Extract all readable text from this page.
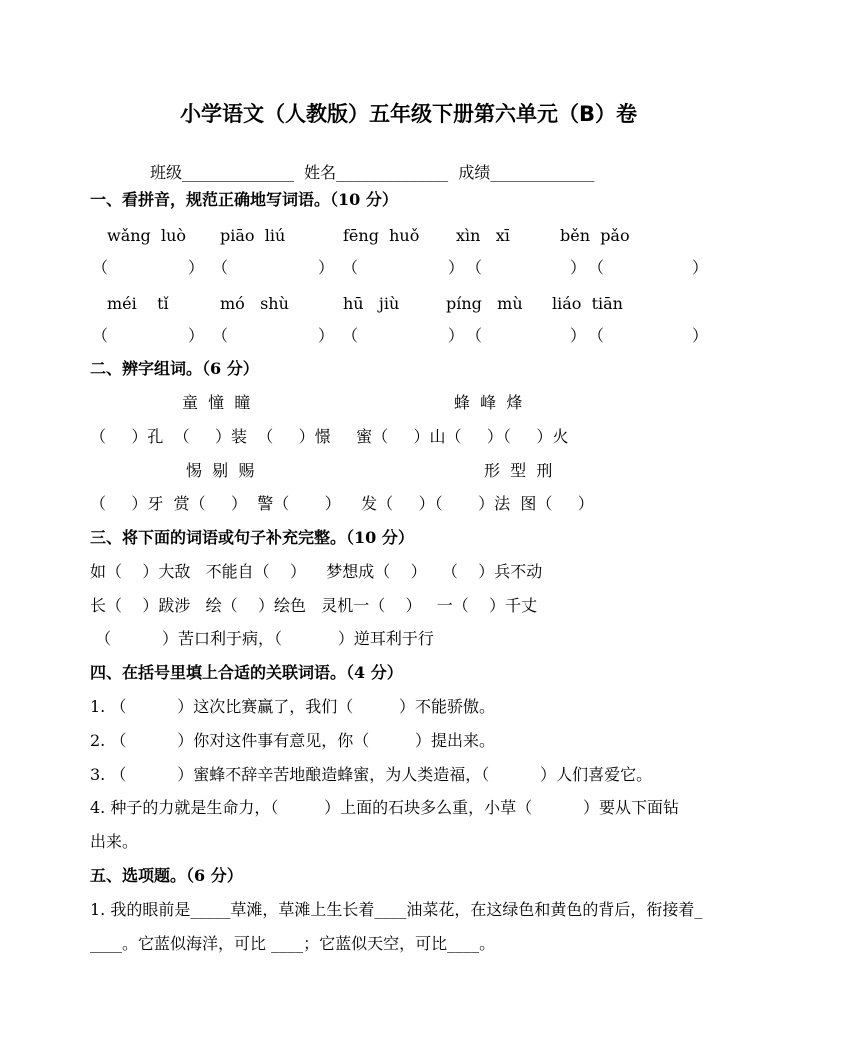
小学语文（人教版）五年级下册第六单元（B）卷
班级______________  姓名______________  成绩_____________
一、看拼音，规范正确地写词语。（10 分）
wǎng  luò piāo  liú	fēng  huǒ xìn   xī	běn  pǎo
（	） （	） （	） （	） （	）
méi    tǐ	mó   shù	hū   jiù	píng   mù liáo  tiān
（	） （	） （	） （	） （	）
二、辨字组词。（6 分）
童  憧  瞳	蜂  峰  烽
（     ）孔  （     ）装  （     ）憬     蜜（     ）山（     ）（     ）火
惕  剔  赐	形  型  刑
（     ）牙  赏（     ）  警（       ）    发（     ）（       ）法  图（     ）
三、将下面的词语或句子补充完整。（10 分）
如（    ）大敌   不能自（    ）    梦想成（    ）   （    ）兵不动
长（    ）跋涉   绘（    ）绘色   灵机一（    ）   一（    ）千丈
（          ）苦口利于病，（           ）逆耳利于行
四、在括号里填上合适的关联词语。（4 分）
1. （          ）这次比赛赢了，我们（         ）不能骄傲。
2. （          ）你对这件事有意见，你（         ）提出来。
3. （          ）蜜蜂不辞辛苦地酿造蜂蜜，为人类造福，（          ）人们喜爱它。
4. 种子的力就是生命力，（         ）上面的石块多么重，小草（          ）要从下面钻
出来。
五、选项题。（6 分）
1. 我的眼前是_____草滩，草滩上生长着____油菜花，在这绿色和黄色的背后，衔接着_
____。它蓝似海洋，可比 ____；它蓝似天空，可比____。
